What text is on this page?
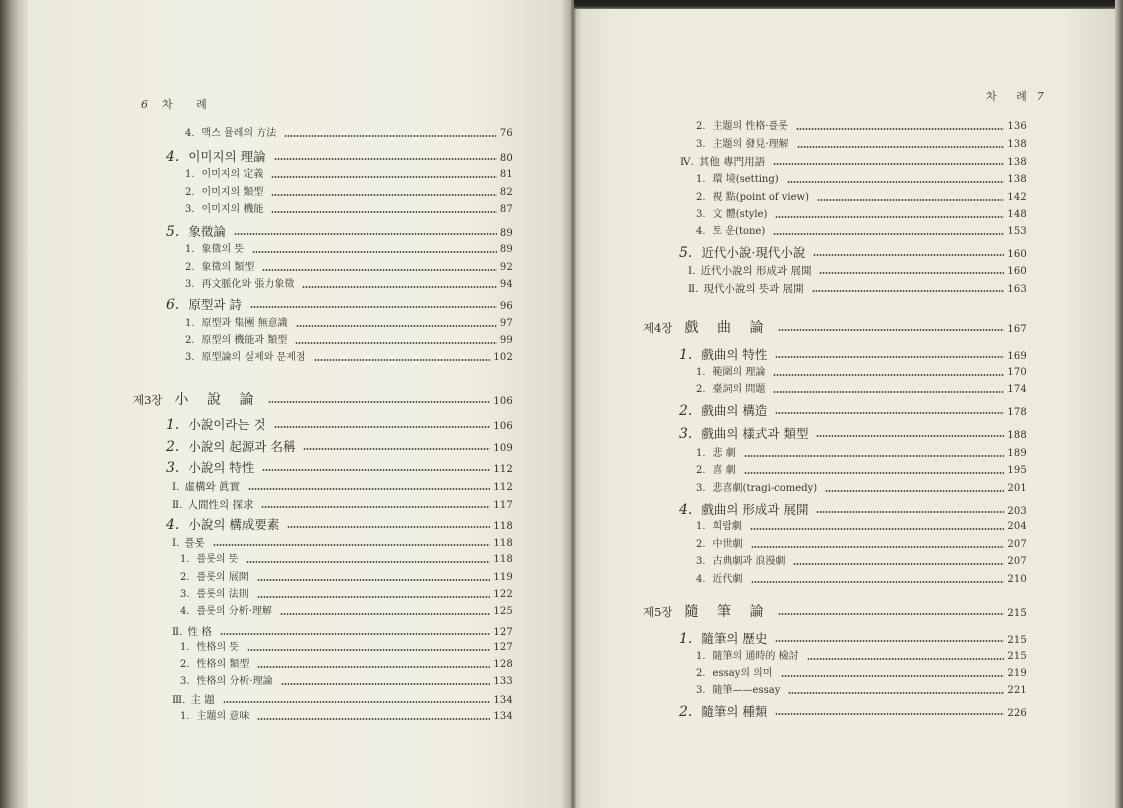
6 차 례
차 례 7
4. 맥스 뮬레의 方法	76
4. 이미지의 理論	80
1. 이미지의 定義	81
2. 이미지의 類型	82
3. 이미지의 機能	87
5. 象徵論	89
1. 象徵의 뜻	89
2. 象徵의 類型	92
3. 再文脈化와 張力象徵	94
6. 原型과 詩	96
1. 原型과 集團 無意識	97
2. 原型의 機能과 類型	99
3. 原型論의 실제와 문제점	102
제3장 小 說 論	106
1. 小說이라는 것	106
2. 小說의 起源과 名稱	109
3. 小說의 特性	112
Ⅰ. 虛構와 眞實	112
Ⅱ. 人間性의 探求	117
4. 小說의 構成要素	118
Ⅰ. 플롯	118
1. 플롯의 뜻	118
2. 플롯의 展開	119
3. 플롯의 法則	122
4. 플롯의 分析·理解	125
Ⅱ. 性 格	127
1. 性格의 뜻	127
2. 性格의 類型	128
3. 性格의 分析·理論	133
Ⅲ. 主 題	134
1. 主題의 意味	134
2. 主題의 性格·플롯	136
3. 主題의 發見·理解	138
Ⅳ. 其他 專門用語	138
1. 環 境(setting)	138
2. 視 點(point of view)	142
3. 文 體(style)	148
4. 토 운(tone)	153
5. 近代小說·現代小說	160
Ⅰ. 近代小說의 形成과 展開	160
Ⅱ. 現代小說의 뜻과 展開	163
제4장 戲 曲 論	167
1. 戲曲의 特性	169
1. 範圍의 理論	170
2. 臺詞의 問題	174
2. 戲曲의 構造	178
3. 戲曲의 樣式과 類型	188
1. 悲 劇	189
2. 喜 劇	195
3. 悲喜劇(tragi-comedy)	201
4. 戲曲의 形成과 展開	203
1. 희랍劇	204
2. 中世劇	207
3. 古典劇과 浪漫劇	207
4. 近代劇	210
제5장 隨 筆 論	215
1. 隨筆의 歷史	215
1. 隨筆의 通時的 檢討	215
2. essay의 의미	219
3. 隨筆——essay	221
2. 隨筆의 種類	226
